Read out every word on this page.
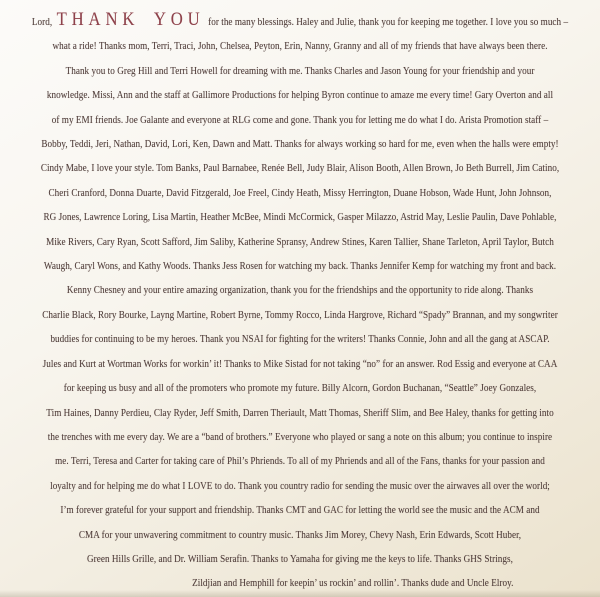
Lord, THANK YOU for the many blessings. Haley and Julie, thank you for keeping me together. I love you so much –
what a ride! Thanks mom, Terri, Traci, John, Chelsea, Peyton, Erin, Nanny, Granny and all of my friends that have always been there.
Thank you to Greg Hill and Terri Howell for dreaming with me. Thanks Charles and Jason Young for your friendship and your
knowledge. Missi, Ann and the staff at Gallimore Productions for helping Byron continue to amaze me every time! Gary Overton and all
of my EMI friends. Joe Galante and everyone at RLG come and gone. Thank you for letting me do what I do. Arista Promotion staff –
Bobby, Teddi, Jeri, Nathan, David, Lori, Ken, Dawn and Matt. Thanks for always working so hard for me, even when the halls were empty!
Cindy Mabe, I love your style. Tom Banks, Paul Barnabee, Renée Bell, Judy Blair, Alison Booth, Allen Brown, Jo Beth Burrell, Jim Catino,
Cheri Cranford, Donna Duarte, David Fitzgerald, Joe Freel, Cindy Heath, Missy Herrington, Duane Hobson, Wade Hunt, John Johnson,
RG Jones, Lawrence Loring, Lisa Martin, Heather McBee, Mindi McCormick, Gasper Milazzo, Astrid May, Leslie Paulin, Dave Pohlable,
Mike Rivers, Cary Ryan, Scott Safford, Jim Saliby, Katherine Spransy, Andrew Stines, Karen Tallier, Shane Tarleton, April Taylor, Butch
Waugh, Caryl Wons, and Kathy Woods. Thanks Jess Rosen for watching my back. Thanks Jennifer Kemp for watching my front and back.
Kenny Chesney and your entire amazing organization, thank you for the friendships and the opportunity to ride along. Thanks
Charlie Black, Rory Bourke, Layng Martine, Robert Byrne, Tommy Rocco, Linda Hargrove, Richard “Spady” Brannan, and my songwriter
buddies for continuing to be my heroes. Thank you NSAI for fighting for the writers! Thanks Connie, John and all the gang at ASCAP.
Jules and Kurt at Wortman Works for workin’ it! Thanks to Mike Sistad for not taking “no” for an answer. Rod Essig and everyone at CAA
for keeping us busy and all of the promoters who promote my future. Billy Alcorn, Gordon Buchanan, “Seattle” Joey Gonzales,
Tim Haines, Danny Perdieu, Clay Ryder, Jeff Smith, Darren Theriault, Matt Thomas, Sheriff Slim, and Bee Haley, thanks for getting into
the trenches with me every day. We are a “band of brothers.” Everyone who played or sang a note on this album; you continue to inspire
me. Terri, Teresa and Carter for taking care of Phil’s Phriends. To all of my Phriends and all of the Fans, thanks for your passion and
loyalty and for helping me do what I LOVE to do. Thank you country radio for sending the music over the airwaves all over the world;
I’m forever grateful for your support and friendship. Thanks CMT and GAC for letting the world see the music and the ACM and
CMA for your unwavering commitment to country music. Thanks Jim Morey, Chevy Nash, Erin Edwards, Scott Huber,
Green Hills Grille, and Dr. William Serafin. Thanks to Yamaha for giving me the keys to life. Thanks GHS Strings,
Zildjian and Hemphill for keepin’ us rockin’ and rollin’. Thanks dude and Uncle Elroy.
